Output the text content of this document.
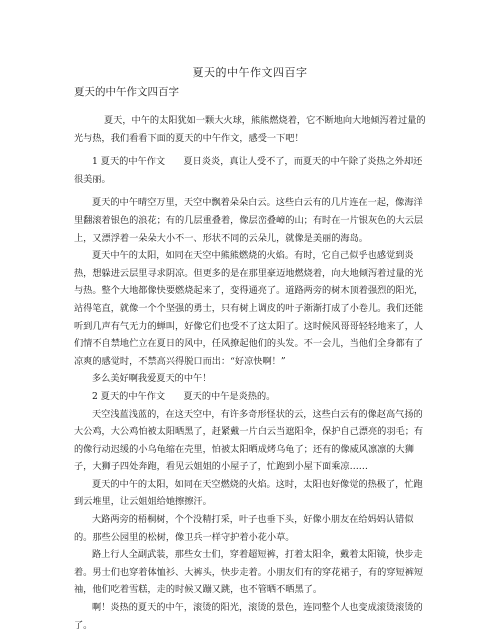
夏天的中午作文四百字
夏天的中午作文四百字

夏天，中午的太阳犹如一颗大火球，熊熊燃烧着，它不断地向大地倾泻着过量的光与热，我们看看下面的夏天的中午作文，感受一下吧！

1 夏天的中午作文　　夏日炎炎，真让人受不了，而夏天的中午除了炎热之外却还很美丽。

夏天的中午晴空万里，天空中飘着朵朵白云。这些白云有的几片连在一起，像海洋里翻滚着银色的浪花；有的几层重叠着，像层峦叠嶂的山；有时在一片银灰色的大云层上，又漂浮着一朵朵大小不一、形状不同的云朵儿，就像是美丽的海岛。

夏天中午的太阳，如同在天空中熊熊燃烧的火焰。有时，它自己似乎也感觉到炎热，想躲进云层里寻求阴凉。但更多的是在那里豪迈地燃烧着，向大地倾泻着过量的光与热。整个大地都像快要燃烧起来了，变得通亮了。道路两旁的树木顶着强烈的阳光，站得笔直，就像一个个坚强的勇士，只有树上调皮的叶子渐渐打成了小卷儿。我们还能听到几声有气无力的蝉叫，好像它们也受不了这太阳了。这时候风哥哥轻轻地来了，人们情不自禁地伫立在夏日的风中，任风撩起他们的头发。不一会儿，当他们全身都有了凉爽的感觉时，不禁高兴得脱口而出：“好凉快啊！”

多么美好啊我爱夏天的中午！

2 夏天的中午作文　　夏天的中午是炎热的。

天空浅蓝浅蓝的，在这天空中，有许多奇形怪状的云，这些白云有的像赵高气扬的大公鸡，大公鸡怕被太阳晒黑了，赶紧戴一片白云当遮阳伞，保护自己漂亮的羽毛；有的像行动迟缓的小乌龟缩在壳里，怕被太阳晒成烤乌龟了；还有的像威风凛凛的大狮子，大狮子四处奔跑，看见云姐姐的小屋子了，忙跑到小屋下面乘凉……

夏天的中午的太阳，如同在天空燃烧的火焰。这时，太阳也好像觉的热极了，忙跑到云堆里，让云姐姐给她擦擦汗。

大路两旁的梧桐树，个个没精打采，叶子也垂下头，好像小朋友在给妈妈认错似的。那些公园里的松树，像卫兵一样守护着小花小草。

路上行人全副武装，那些女士们，穿着超短裤，打着太阳伞，戴着太阳镜，快步走着。男士们也穿着体恤衫、大裤头，快步走着。小朋友们有的穿花裙子，有的穿短裤短袖，他们吃着雪糕，走的时候又蹦又跳，也不管晒不晒黑了。

啊！炎热的夏天的中午，滚烫的阳光，滚烫的景色，连同整个人也变成滚烫滚烫的了。
